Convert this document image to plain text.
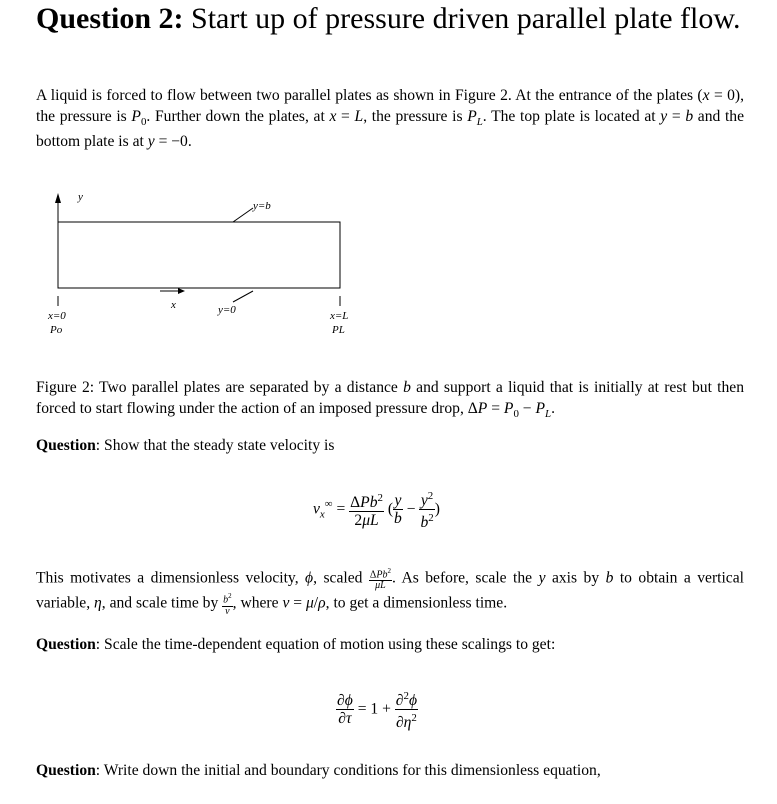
Question 2: Start up of pressure driven parallel plate flow.
A liquid is forced to flow between two parallel plates as shown in Figure 2. At the entrance of the plates (x = 0), the pressure is $P_0$. Further down the plates, at x = L, the pressure is $P_L$. The top plate is located at y = b and the bottom plate is at y = −0.
y
y=b
x	y=0
x=0
Po
x=L
PL
Figure 2: Two parallel plates are separated by a distance b and support a liquid that is initially at rest but then forced to start flowing under the action of an imposed pressure drop, $\Delta P = P_0 - P_L$.
Question: Show that the steady state velocity is
$v_x^\infty = \frac{\Delta Pb^2}{2\mu L}$ ( $\frac{y}{b} - \frac{y^2}{b^2}$ )
This motivates a dimensionless velocity, ϕ, scaled $\frac{\Delta Pb^2}{\mu L}$ . As before, scale the y axis by b to obtain a vertical variable, η, and scale time by $\frac{b^2}{\nu}$ , where ν = μ/ρ, to get a dimensionless time.
Question: Scale the time-dependent equation of motion using these scalings to get:
$\frac{\partial\phi}{\partial\tau} = 1 + \frac{\partial^2\phi}{\partial\eta^2}$
Question: Write down the initial and boundary conditions for this dimensionless equation,
